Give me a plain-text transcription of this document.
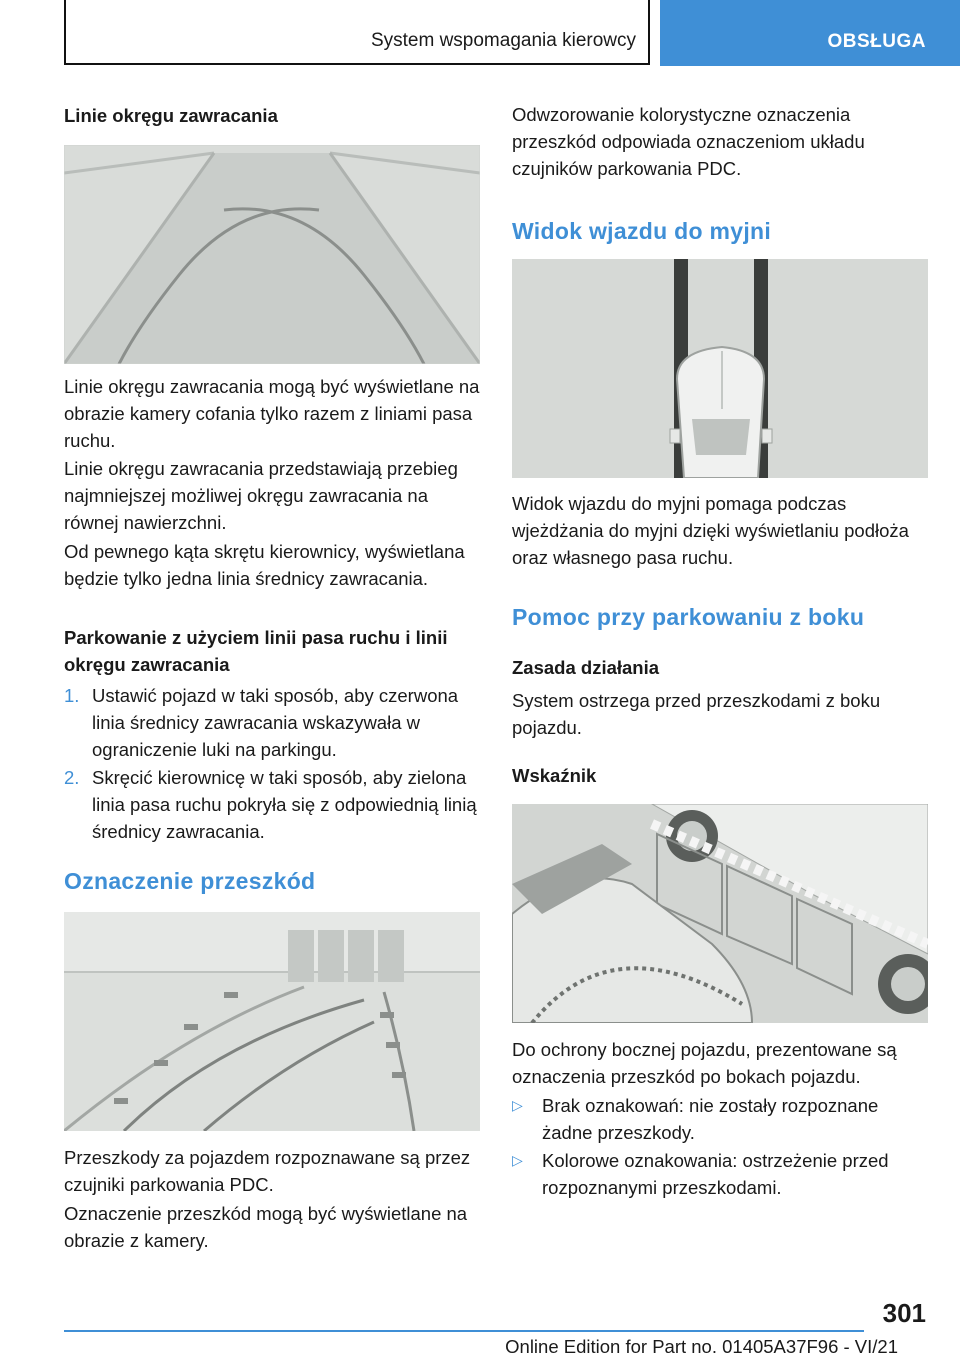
System wspomagania kierowcy	OBSŁUGA
Linie okręgu zawracania

Linie okręgu zawracania mogą być wyświetlane na obrazie kamery cofania tylko razem z liniami pasa ruchu.

Linie okręgu zawracania przedstawiają przebieg najmniejszej możliwej okręgu zawracania na równej nawierzchni.

Od pewnego kąta skrętu kierownicy, wyświetlana będzie tylko jedna linia średnicy zawracania.

Parkowanie z użyciem linii pasa ruchu i linii okręgu zawracania
1. Ustawić pojazd w taki sposób, aby czerwona linia średnicy zawracania wskazywała w ograniczenie luki na parkingu.
2. Skręcić kierownicę w taki sposób, aby zielona linia pasa ruchu pokryła się z odpowiednią linią średnicy zawracania.
Oznaczenie przeszkód

Przeszkody za pojazdem rozpoznawane są przez czujniki parkowania PDC.

Oznaczenie przeszkód mogą być wyświetlane na obrazie z kamery.

Odwzorowanie kolorystyczne oznaczenia przeszkód odpowiada oznaczeniom układu czujników parkowania PDC.

Widok wjazdu do myjni

Widok wjazdu do myjni pomaga podczas wjeżdżania do myjni dzięki wyświetlaniu podłoża oraz własnego pasa ruchu.

Pomoc przy parkowaniu z boku
Zasada działania

System ostrzega przed przeszkodami z boku pojazdu.

Wskaźnik

Do ochrony bocznej pojazdu, prezentowane są oznaczenia przeszkód po bokach pojazdu.

▷ Brak oznakowań: nie zostały rozpoznane żadne przeszkody.
▷ Kolorowe oznakowania: ostrzeżenie przed rozpoznanymi przeszkodami.
301
Online Edition for Part no. 01405A37F96 - VI/21
